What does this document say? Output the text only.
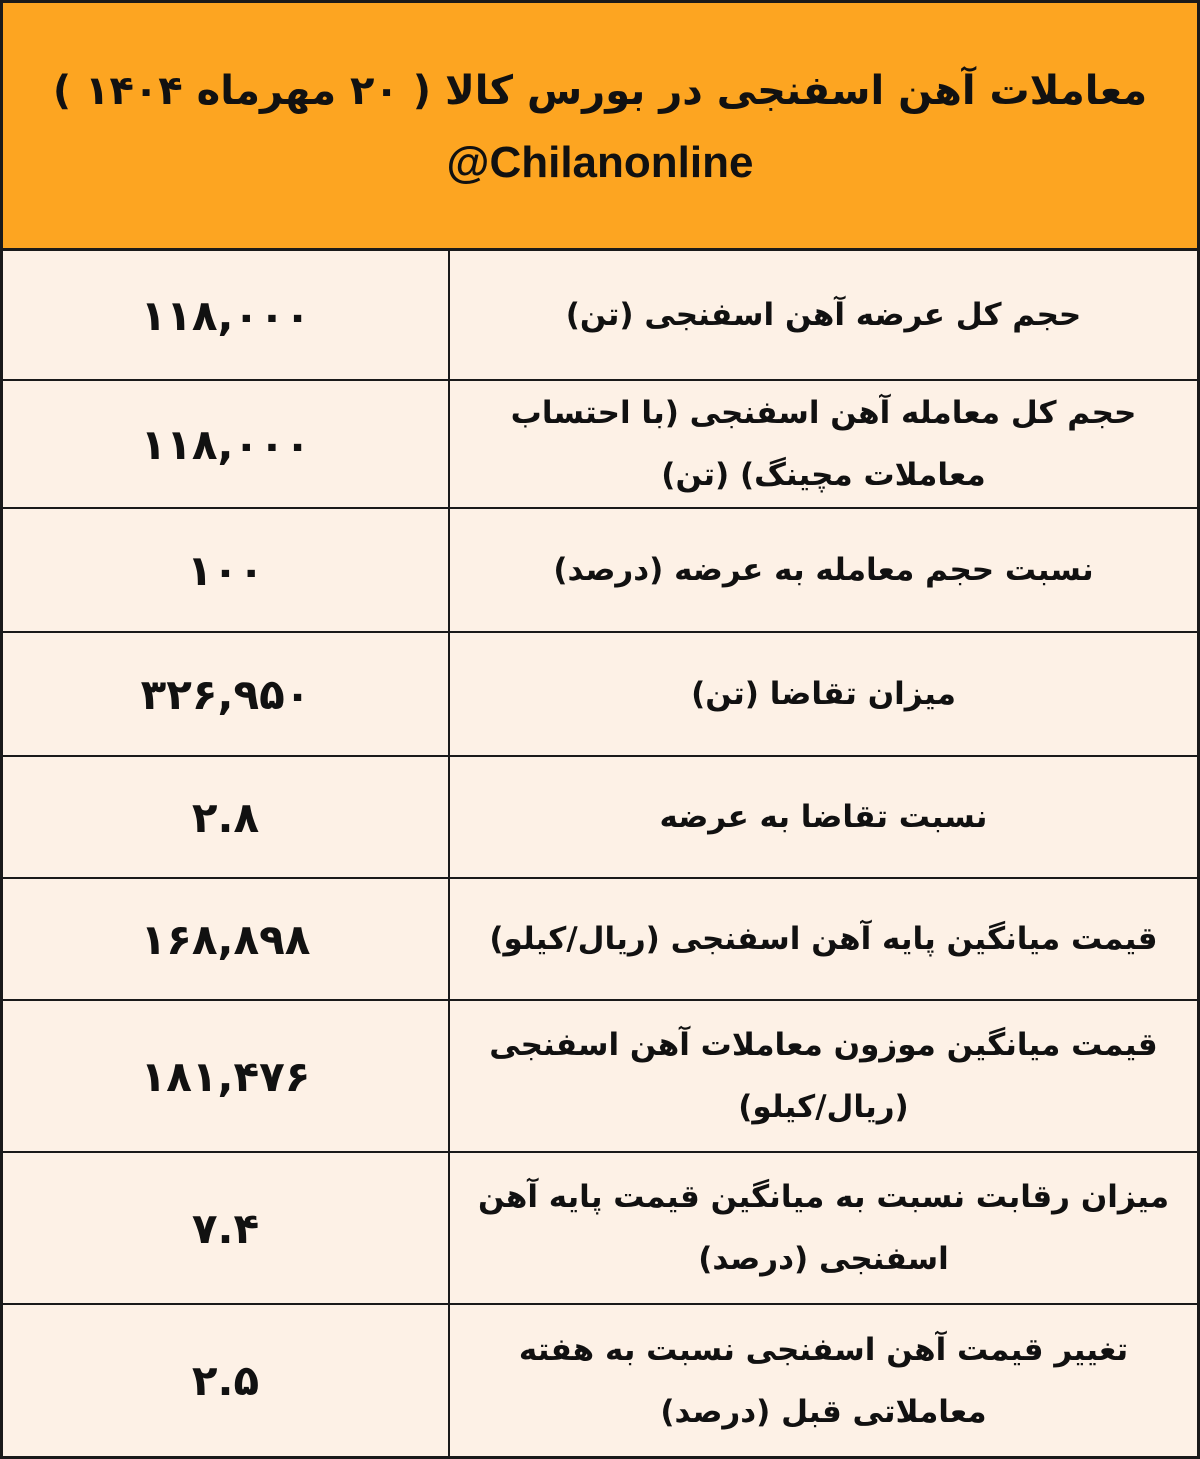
معاملات آهن اسفنجی در بورس کالا ( ۲۰ مهرماه ۱۴۰۴ )
@Chilanonline
۱۱۸,۰۰۰	حجم کل عرضه آهن اسفنجی (تن)
۱۱۸,۰۰۰	حجم کل معامله آهن اسفنجی (با احتساب معاملات مچینگ) (تن)
۱۰۰	نسبت حجم معامله به عرضه (درصد)
۳۲۶,۹۵۰	میزان تقاضا (تن)
۲.۸	نسبت تقاضا به عرضه
۱۶۸,۸۹۸	قیمت میانگین پایه آهن اسفنجی (ریال/کیلو)
۱۸۱,۴۷۶	قیمت میانگین موزون معاملات آهن اسفنجی (ریال/کیلو)
۷.۴	میزان رقابت نسبت به میانگین قیمت پایه آهن اسفنجی (درصد)
۲.۵	تغییر قیمت آهن اسفنجی نسبت به هفته معاملاتی قبل (درصد)
